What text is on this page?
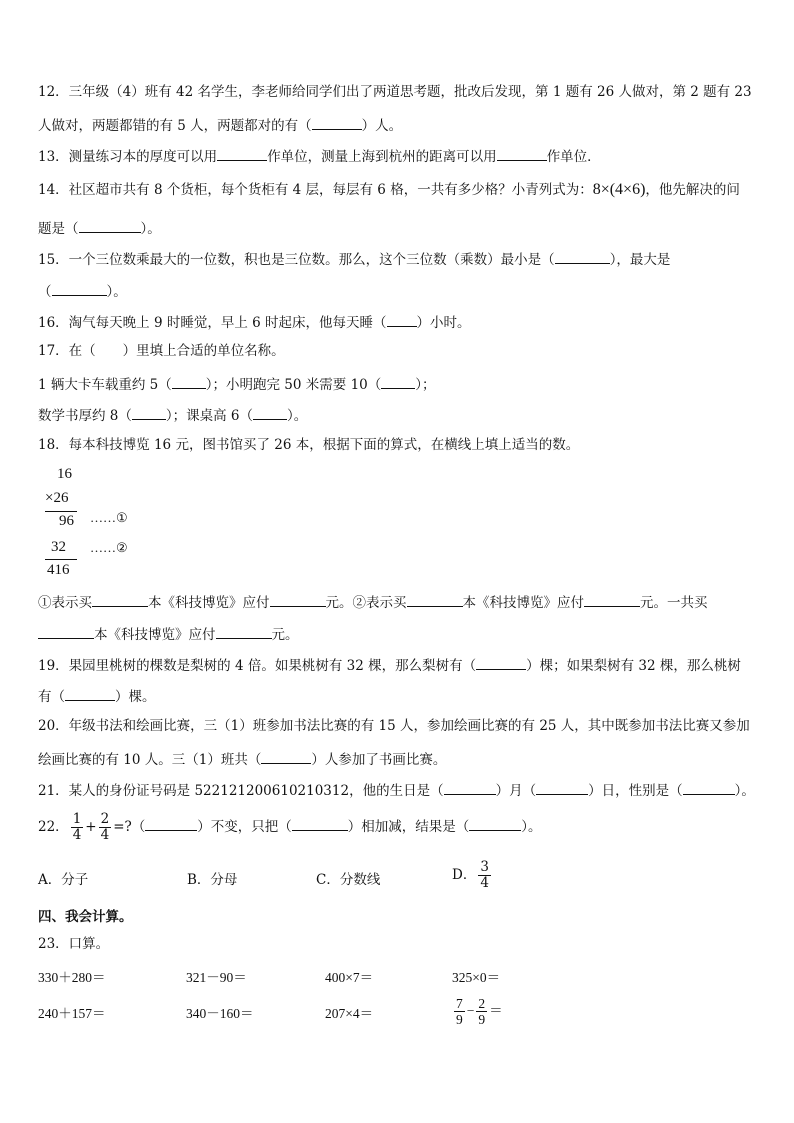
12．三年级（4）班有 42 名学生，李老师给同学们出了两道思考题，批改后发现，第 1 题有 26 人做对，第 2 题有 23
人做对，两题都错的有 5 人，两题都对的有（	）人。
13．测量练习本的厚度可以用	作单位，测量上海到杭州的距离可以用	作单位．
14．社区超市共有 8 个货柜，每个货柜有 4 层，每层有 6 格，一共有多少格？小青列式为：8×(4×6)，他先解决的问
题是（	）。
15．一个三位数乘最大的一位数，积也是三位数。那么，这个三位数（乘数）最小是（	），最大是
（	）。
16．淘气每天晚上 9 时睡觉，早上 6 时起床，他每天睡（ ）小时。
17．在（　　）里填上合适的单位名称。
1 辆大卡车载重约 5（	）；小明跑完 50 米需要 10（	）；
数学书厚约 8（	）；课桌高 6（	）。
18．每本科技博览 16 元，图书馆买了 26 本，根据下面的算式，在横线上填上适当的数。
16
×26
96 ……①
32 ……②
416
①表示买	本《科技博览》应付	元。②表示买	本《科技博览》应付	元。一共买
本《科技博览》应付	元。
19．果园里桃树的棵数是梨树的 4 倍。如果桃树有 32 棵，那么梨树有（	）棵；如果梨树有 32 棵，那么桃树
有（	）棵。
20．年级书法和绘画比赛，三（1）班参加书法比赛的有 15 人，参加绘画比赛的有 25 人，其中既参加书法比赛又参加
绘画比赛的有 10 人。三（1）班共（	）人参加了书画比赛。
21．某人的身份证号码是 522121200610210312，他的生日是（	）月（	）日，性别是（	）。
22． $\frac{1}{4} + \frac{2}{4}$ =?（	）不变，只把（	）相加减，结果是（	）。
A．分子	B．分母	C．分数线	D． $\frac{3}{4}$
四、我会计算。
23．口算。
330＋280＝	321－90＝	400×7＝	325×0＝
240＋157＝	340－160＝	207×4＝	$\frac{7}{9} - \frac{2}{9}$ ＝
